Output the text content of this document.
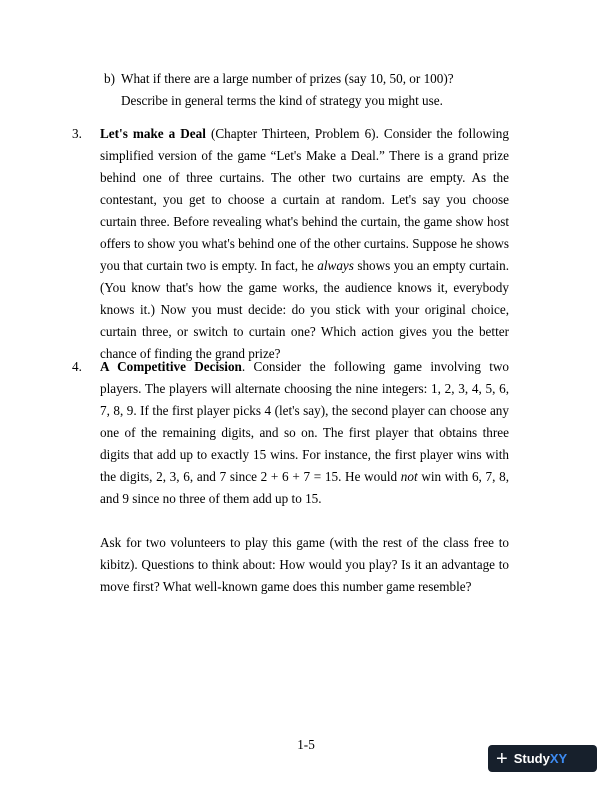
b) What if there are a large number of prizes (say 10, 50, or 100)?

Describe in general terms the kind of strategy you might use.

3. Let's make a Deal (Chapter Thirteen, Problem 6). Consider the following simplified version of the game “Let's Make a Deal.” There is a grand prize behind one of three curtains. The other two curtains are empty. As the contestant, you get to choose a curtain at random. Let's say you choose curtain three. Before revealing what's behind the curtain, the game show host offers to show you what's behind one of the other curtains. Suppose he shows you that curtain two is empty. In fact, he always shows you an empty curtain. (You know that's how the game works, the audience knows it, everybody knows it.) Now you must decide: do you stick with your original choice, curtain three, or switch to curtain one? Which action gives you the better chance of finding the grand prize?

4. A Competitive Decision. Consider the following game involving two players. The players will alternate choosing the nine integers: 1, 2, 3, 4, 5, 6, 7, 8, 9. If the first player picks 4 (let's say), the second player can choose any one of the remaining digits, and so on. The first player that obtains three digits that add up to exactly 15 wins. For instance, the first player wins with the digits, 2, 3, 6, and 7 since 2 + 6 + 7 = 15. He would not win with 6, 7, 8, and 9 since no three of them add up to 15.

Ask for two volunteers to play this game (with the rest of the class free to kibitz). Questions to think about: How would you play? Is it an advantage to move first? What well-known game does this number game resemble?

1-5
+ Study XY
